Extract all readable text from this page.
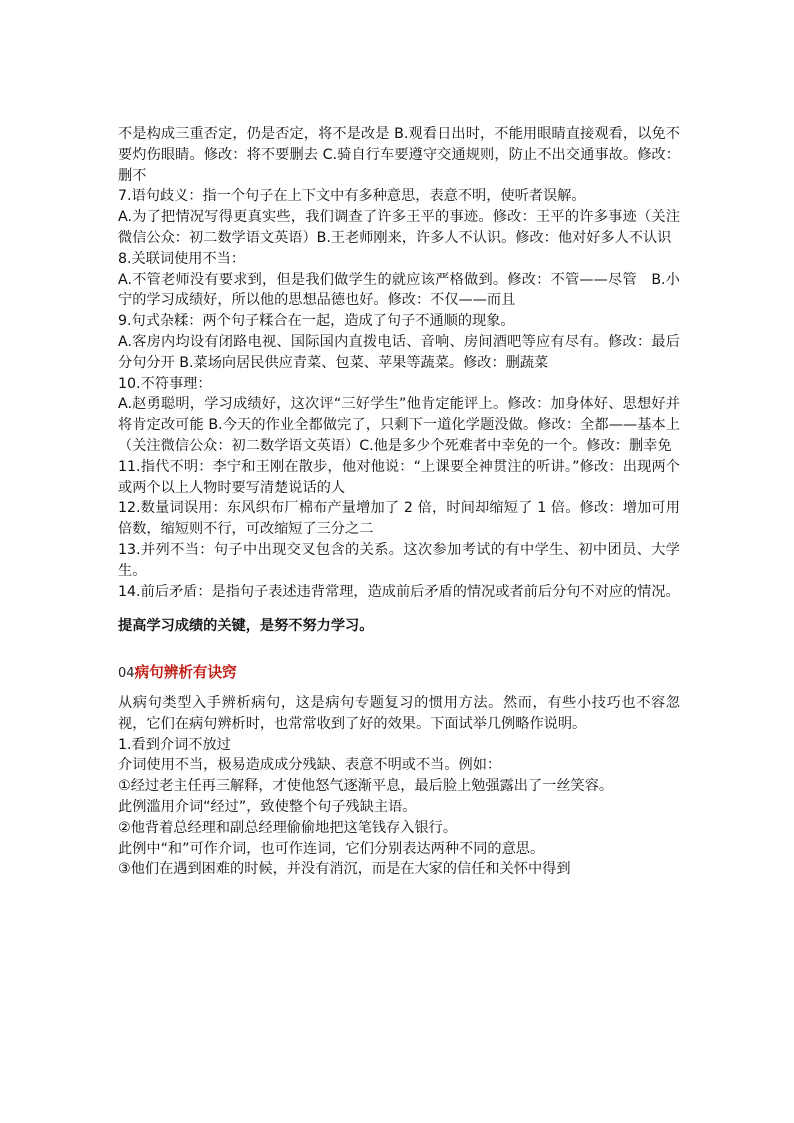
不是构成三重否定，仍是否定，将不是改是 B.观看日出时，不能用眼睛直接观看，以免不要灼伤眼睛。修改：将不要删去 C.骑自行车要遵守交通规则，防止不出交通事故。修改：删不

7.语句歧义：指一个句子在上下文中有多种意思，表意不明，使听者误解。

A.为了把情况写得更真实些，我们调查了许多王平的事迹。修改：王平的许多事迹（关注微信公众：初二数学语文英语）B.王老师刚来，许多人不认识。修改：他对好多人不认识

8.关联词使用不当：

A.不管老师没有要求到，但是我们做学生的就应该严格做到。修改：不管——尽管　B.小宁的学习成绩好，所以他的思想品德也好。修改：不仅——而且

9.句式杂糅：两个句子糅合在一起，造成了句子不通顺的现象。

A.客房内均设有闭路电视、国际国内直拨电话、音响、房间酒吧等应有尽有。修改：最后分句分开 B.菜场向居民供应青菜、包菜、苹果等蔬菜。修改：删蔬菜

10.不符事理：

A.赵勇聪明，学习成绩好，这次评“三好学生”他肯定能评上。修改：加身体好、思想好并将肯定改可能 B.今天的作业全都做完了，只剩下一道化学题没做。修改：全都——基本上（关注微信公众：初二数学语文英语）C.他是多少个死难者中幸免的一个。修改：删幸免

11.指代不明：李宁和王刚在散步，他对他说：“上课要全神贯注的听讲。”修改：出现两个或两个以上人物时要写清楚说话的人

12.数量词误用：东风织布厂棉布产量增加了 2 倍，时间却缩短了 1 倍。修改：增加可用倍数，缩短则不行，可改缩短了三分之二

13.并列不当：句子中出现交叉包含的关系。这次参加考试的有中学生、初中团员、大学生。

14.前后矛盾：是指句子表述违背常理，造成前后矛盾的情况或者前后分句不对应的情况。

提高学习成绩的关键，是努不努力学习。

04病句辨析有诀窍

从病句类型入手辨析病句，这是病句专题复习的惯用方法。然而，有些小技巧也不容忽视，它们在病句辨析时，也常常收到了好的效果。下面试举几例略作说明。

1.看到介词不放过

介词使用不当，极易造成成分残缺、表意不明或不当。例如：

①经过老主任再三解释，才使他怒气逐渐平息，最后脸上勉强露出了一丝笑容。

此例滥用介词“经过”，致使整个句子残缺主语。

②他背着总经理和副总经理偷偷地把这笔钱存入银行。

此例中“和”可作介词，也可作连词，它们分别表达两种不同的意思。

③他们在遇到困难的时候，并没有消沉，而是在大家的信任和关怀中得到
